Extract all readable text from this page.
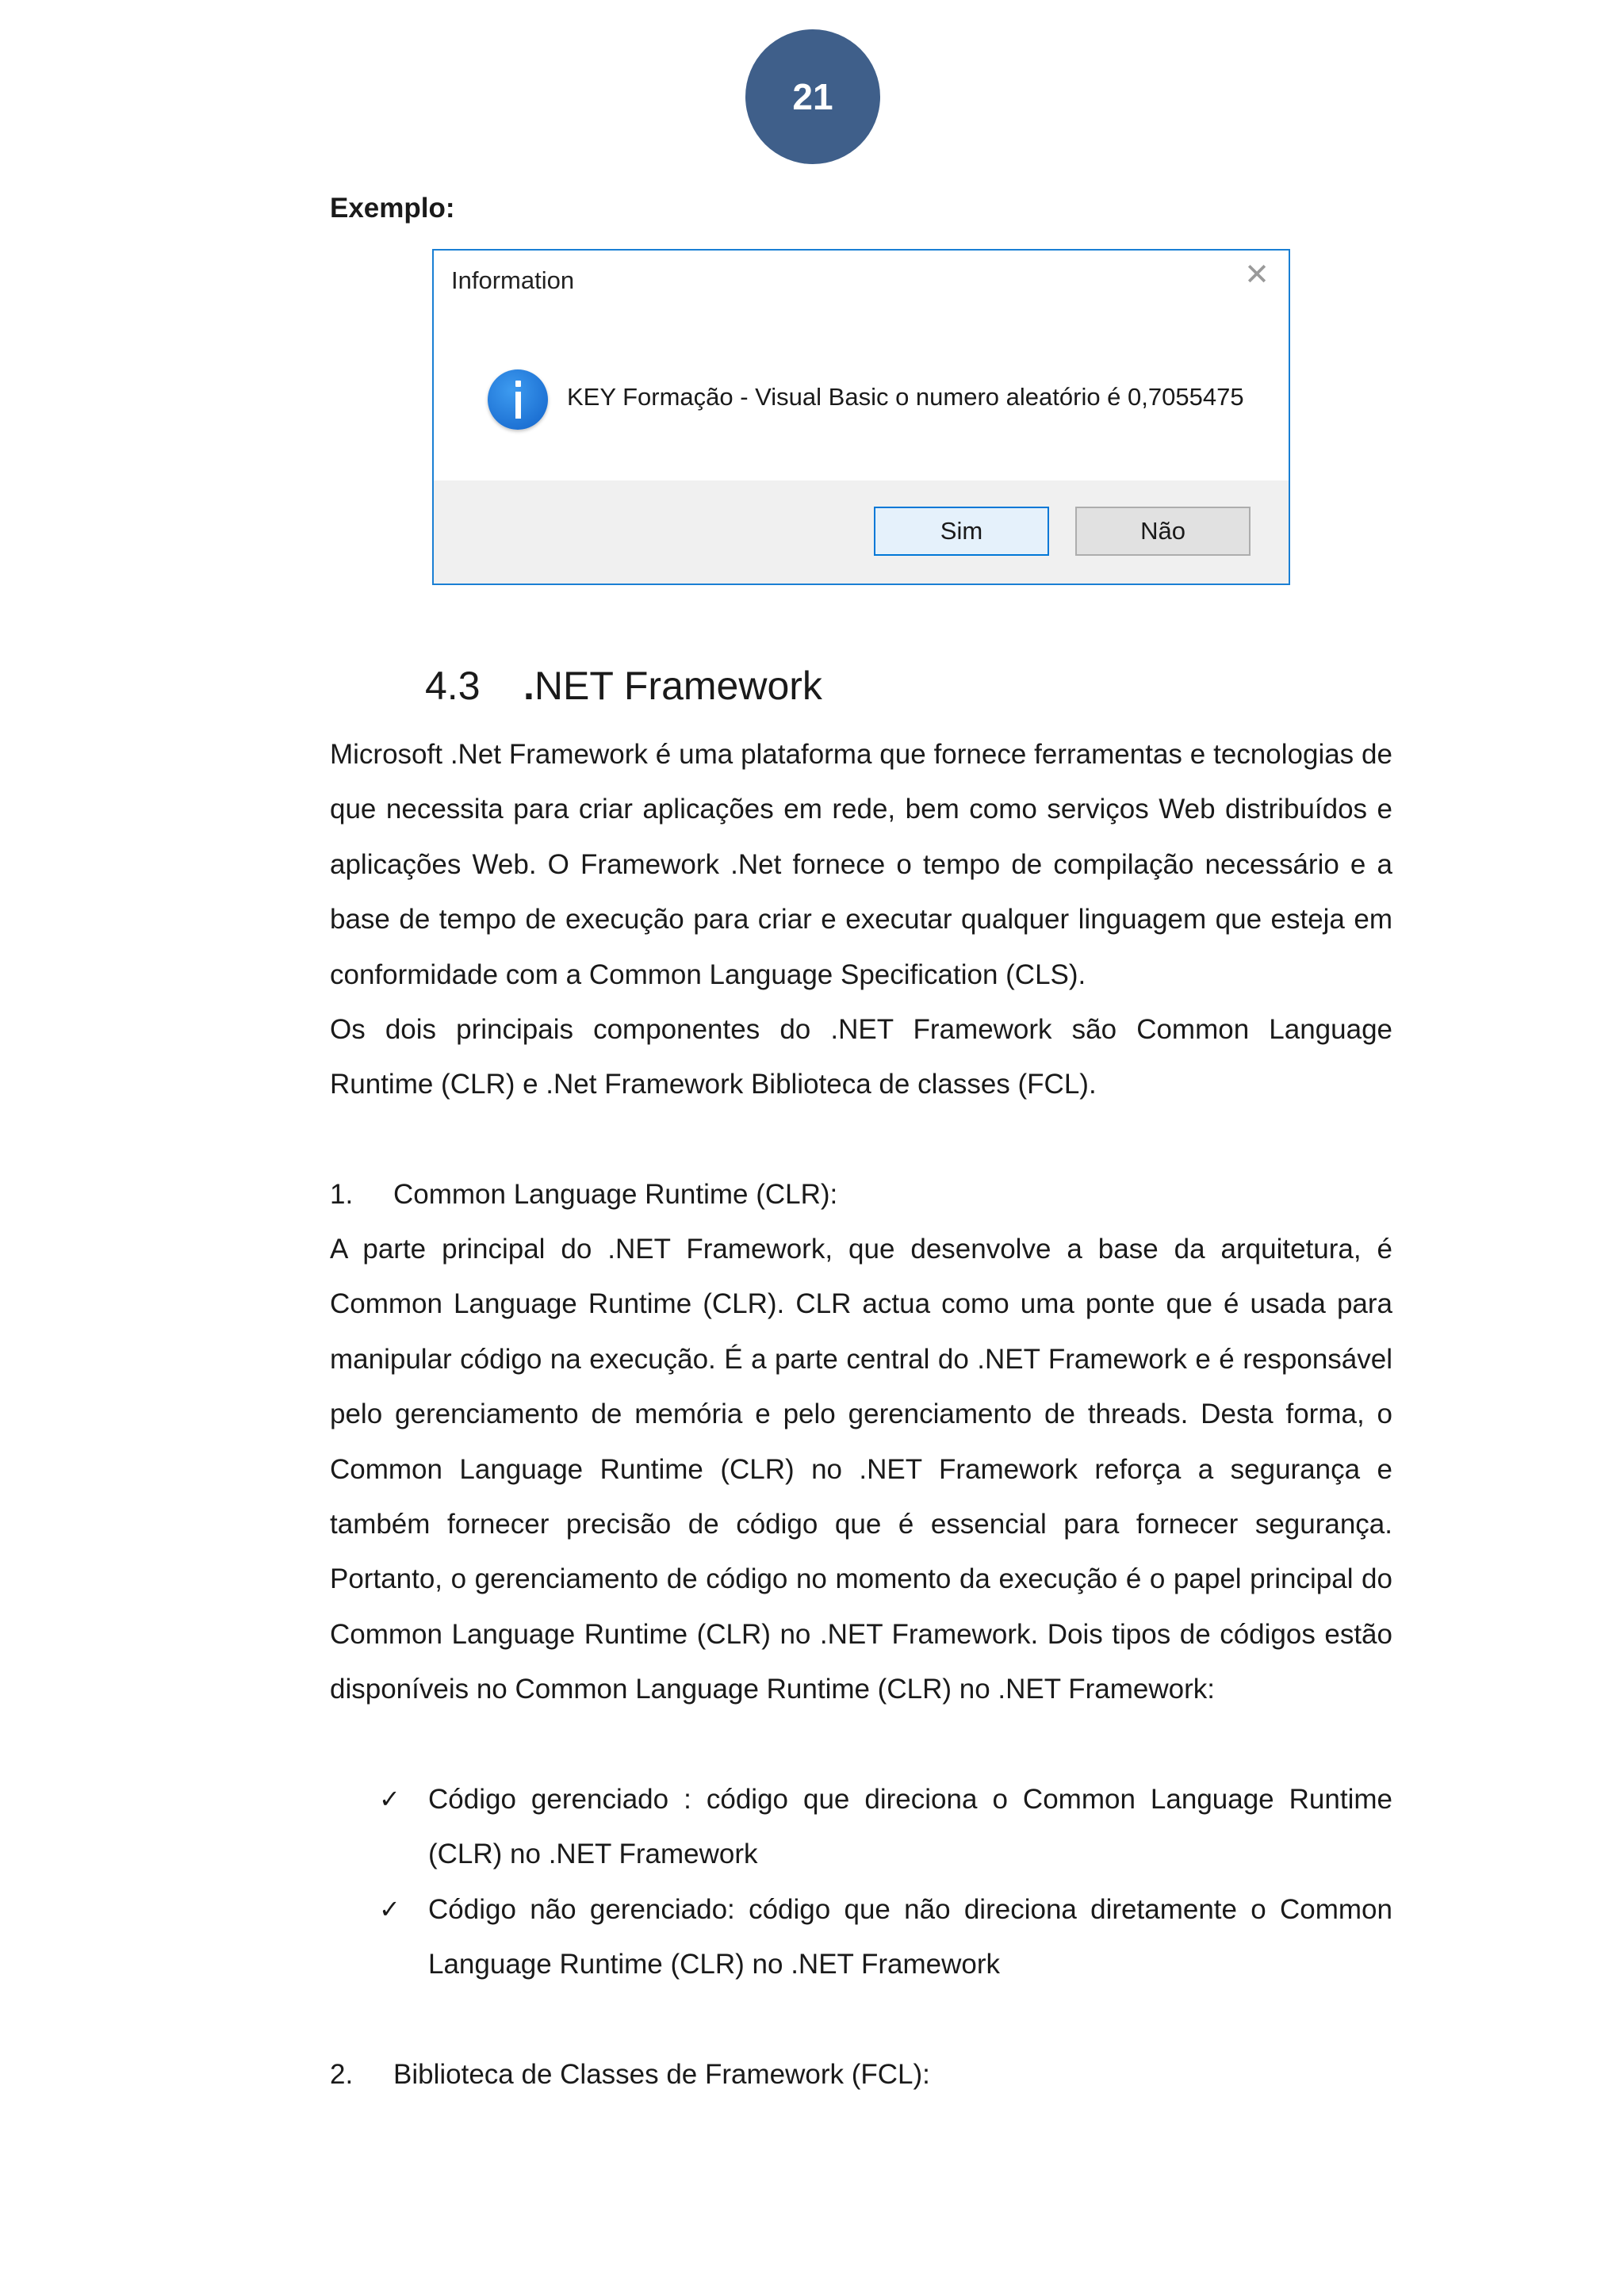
21
Exemplo:
Information	✕
KEY Formação - Visual Basic o numero aleatório é 0,7055475
Sim	Não
4.3 .NET Framework

Microsoft .Net Framework é uma plataforma que fornece ferramentas e tecnologias de que necessita para criar aplicações em rede, bem como serviços Web distribuídos e aplicações Web. O Framework .Net fornece o tempo de compilação necessário e a base de tempo de execução para criar e executar qualquer linguagem que esteja em conformidade com a Common Language Specification (CLS).

Os dois principais componentes do .NET Framework são Common Language Runtime (CLR) e .Net Framework Biblioteca de classes (FCL).

1. Common Language Runtime (CLR):

A parte principal do .NET Framework, que desenvolve a base da arquitetura, é Common Language Runtime (CLR). CLR actua como uma ponte que é usada para manipular código na execução. É a parte central do .NET Framework e é responsável pelo gerenciamento de memória e pelo gerenciamento de threads. Desta forma, o Common Language Runtime (CLR) no .NET Framework reforça a segurança e também fornecer precisão de código que é essencial para fornecer segurança. Portanto, o gerenciamento de código no momento da execução é o papel principal do Common Language Runtime (CLR) no .NET Framework. Dois tipos de códigos estão disponíveis no Common Language Runtime (CLR) no .NET Framework:

✓	Código gerenciado : código que direciona o Common Language Runtime (CLR) no .NET Framework

✓	Código não gerenciado: código que não direciona diretamente o Common Language Runtime (CLR) no .NET Framework

2. Biblioteca de Classes de Framework (FCL):
